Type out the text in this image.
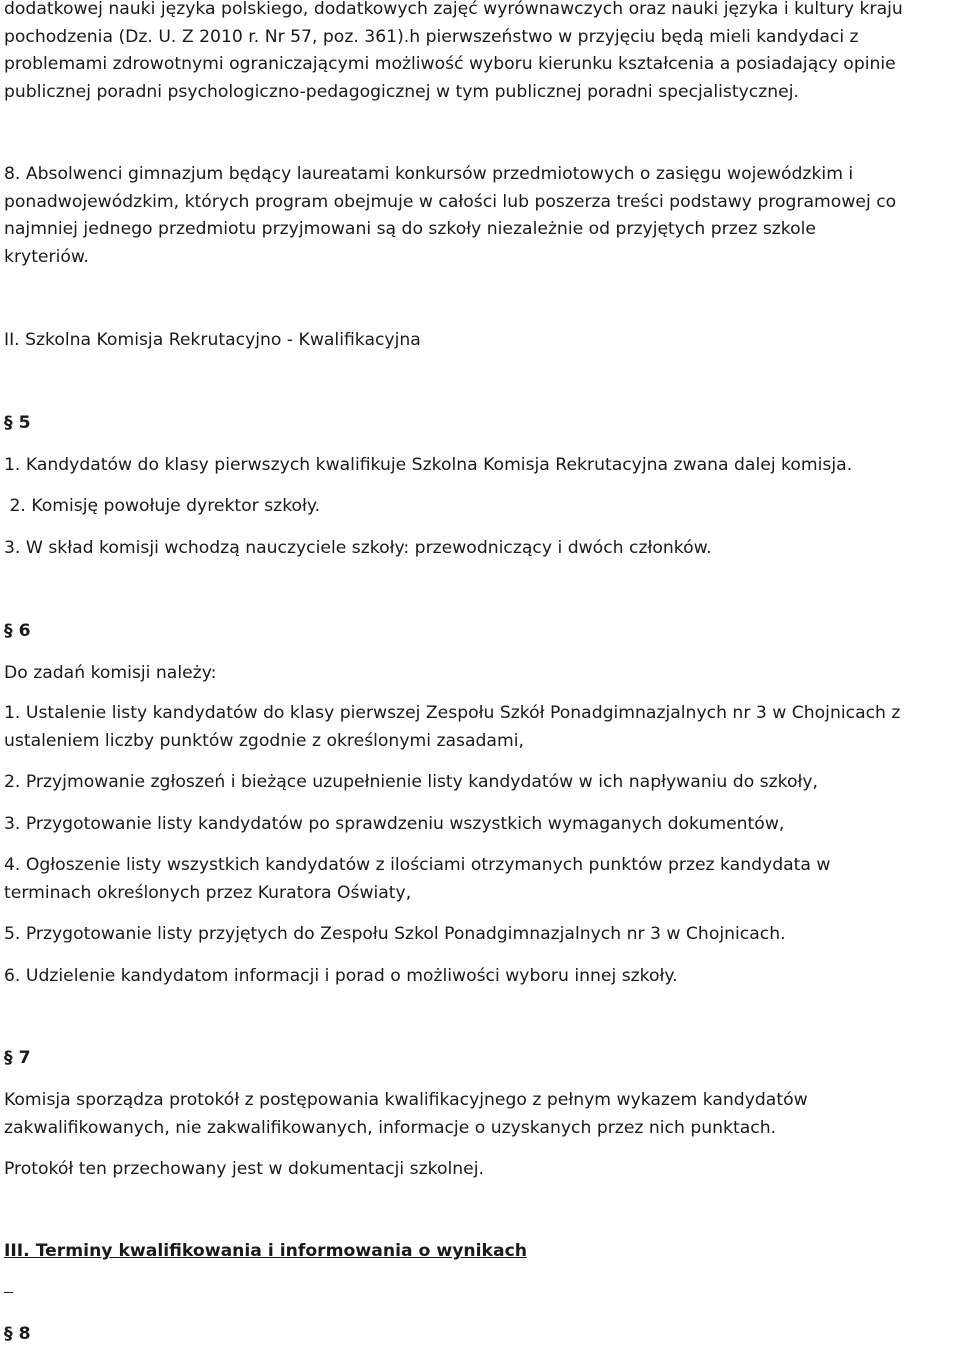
dodatkowej nauki języka polskiego, dodatkowych zajęć wyrównawczych oraz nauki języka i kultury kraju
pochodzenia (Dz. U. Z 2010 r. Nr 57, poz. 361).h pierwszeństwo w przyjęciu będą mieli kandydaci z
problemami zdrowotnymi ograniczającymi możliwość wyboru kierunku kształcenia a posiadający opinie
publicznej poradni psychologiczno-pedagogicznej w tym publicznej poradni specjalistycznej.
8. Absolwenci gimnazjum będący laureatami konkursów przedmiotowych o zasięgu wojewódzkim i
ponadwojewódzkim, których program obejmuje w całości lub poszerza treści podstawy programowej co
najmniej jednego przedmiotu przyjmowani są do szkoły niezależnie od przyjętych przez szkole
kryteriów.
II. Szkolna Komisja Rekrutacyjno - Kwalifikacyjna
§ 5
1. Kandydatów do klasy pierwszych kwalifikuje Szkolna Komisja Rekrutacyjna zwana dalej komisja.
2. Komisję powołuje dyrektor szkoły.
3. W skład komisji wchodzą nauczyciele szkoły: przewodniczący i dwóch członków.
§ 6
Do zadań komisji należy:
1. Ustalenie listy kandydatów do klasy pierwszej Zespołu Szkół Ponadgimnazjalnych nr 3 w Chojnicach z
ustaleniem liczby punktów zgodnie z określonymi zasadami,
2. Przyjmowanie zgłoszeń i bieżące uzupełnienie listy kandydatów w ich napływaniu do szkoły,
3. Przygotowanie listy kandydatów po sprawdzeniu wszystkich wymaganych dokumentów,
4. Ogłoszenie listy wszystkich kandydatów z ilościami otrzymanych punktów przez kandydata w
terminach określonych przez Kuratora Oświaty,
5. Przygotowanie listy przyjętych do Zespołu Szkol Ponadgimnazjalnych nr 3 w Chojnicach.
6. Udzielenie kandydatom informacji i porad o możliwości wyboru innej szkoły.
§ 7
Komisja sporządza protokół z postępowania kwalifikacyjnego z pełnym wykazem kandydatów
zakwalifikowanych, nie zakwalifikowanych, informacje o uzyskanych przez nich punktach.
Protokół ten przechowany jest w dokumentacji szkolnej.
III. Terminy kwalifikowania i informowania o wynikach
§ 8
